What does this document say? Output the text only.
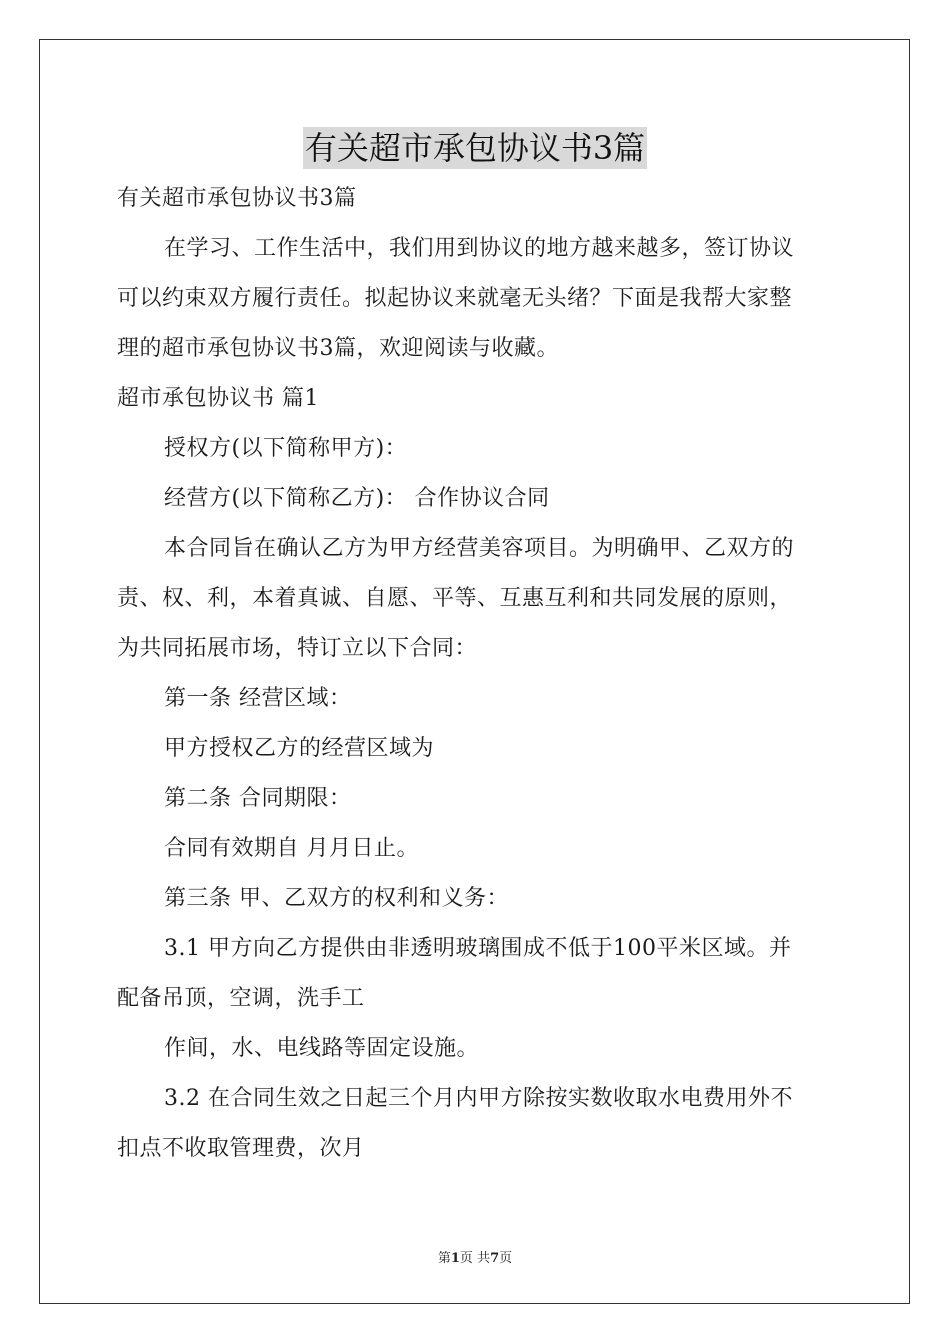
有关超市承包协议书3篇
有关超市承包协议书3篇
在学习、工作生活中，我们用到协议的地方越来越多，签订协议
可以约束双方履行责任。拟起协议来就毫无头绪？下面是我帮大家整
理的超市承包协议书3篇，欢迎阅读与收藏。
超市承包协议书 篇1
授权方(以下简称甲方)：
经营方(以下简称乙方)： 合作协议合同
本合同旨在确认乙方为甲方经营美容项目。为明确甲、乙双方的
责、权、利，本着真诚、自愿、平等、互惠互利和共同发展的原则，
为共同拓展市场，特订立以下合同：
第一条 经营区域：
甲方授权乙方的经营区域为
第二条 合同期限：
合同有效期自 月月日止。
第三条 甲、乙双方的权利和义务：
3.1 甲方向乙方提供由非透明玻璃围成不低于100平米区域。并
配备吊顶，空调，洗手工
作间，水、电线路等固定设施。
3.2 在合同生效之日起三个月内甲方除按实数收取水电费用外不
扣点不收取管理费，次月
第1页 共7页
